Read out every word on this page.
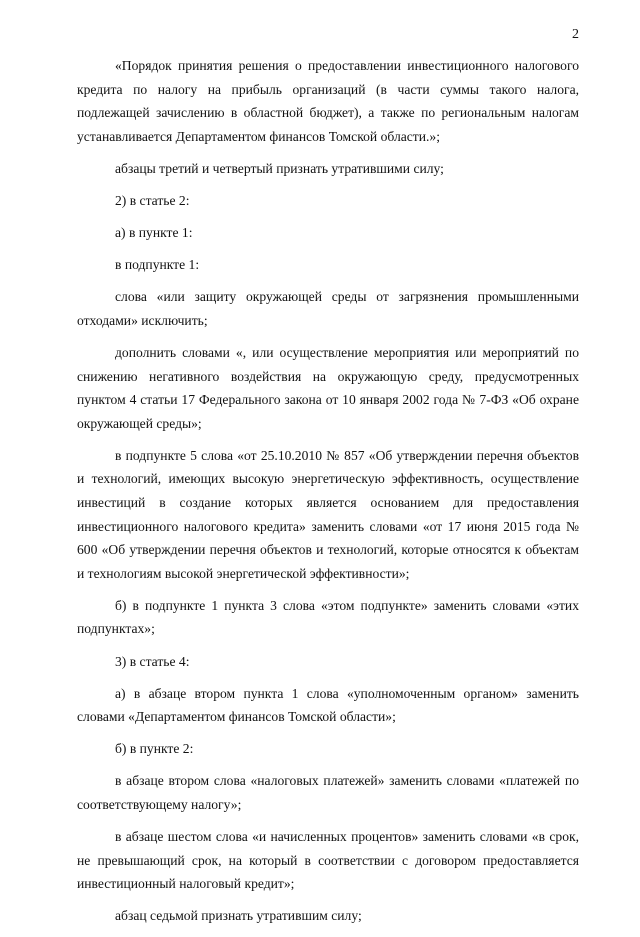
2

«Порядок принятия решения о предоставлении инвестиционного налогового кредита по налогу на прибыль организаций (в части суммы такого налога, подлежащей зачислению в областной бюджет), а также по региональным налогам устанавливается Департаментом финансов Томской области.»;

абзацы третий и четвертый признать утратившими силу;

2) в статье 2:

а) в пункте 1:

в подпункте 1:

слова «или защиту окружающей среды от загрязнения промышленными отходами» исключить;

дополнить словами «, или осуществление мероприятия или мероприятий по снижению негативного воздействия на окружающую среду, предусмотренных пунктом 4 статьи 17 Федерального закона от 10 января 2002 года № 7-ФЗ «Об охране окружающей среды»;

в подпункте 5 слова «от 25.10.2010 № 857 «Об утверждении перечня объектов и технологий, имеющих высокую энергетическую эффективность, осуществление инвестиций в создание которых является основанием для предоставления инвестиционного налогового кредита» заменить словами «от 17 июня 2015 года № 600 «Об утверждении перечня объектов и технологий, которые относятся к объектам и технологиям высокой энергетической эффективности»;

б) в подпункте 1 пункта 3 слова «этом подпункте» заменить словами «этих подпунктах»;

3) в статье 4:

а) в абзаце втором пункта 1 слова «уполномоченным органом» заменить словами «Департаментом финансов Томской области»;

б) в пункте 2:

в абзаце втором слова «налоговых платежей» заменить словами «платежей по соответствующему налогу»;

в абзаце шестом слова «и начисленных процентов» заменить словами «в срок, не превышающий срок, на который в соответствии с договором предоставляется инвестиционный налоговый кредит»;

абзац седьмой признать утратившим силу;
